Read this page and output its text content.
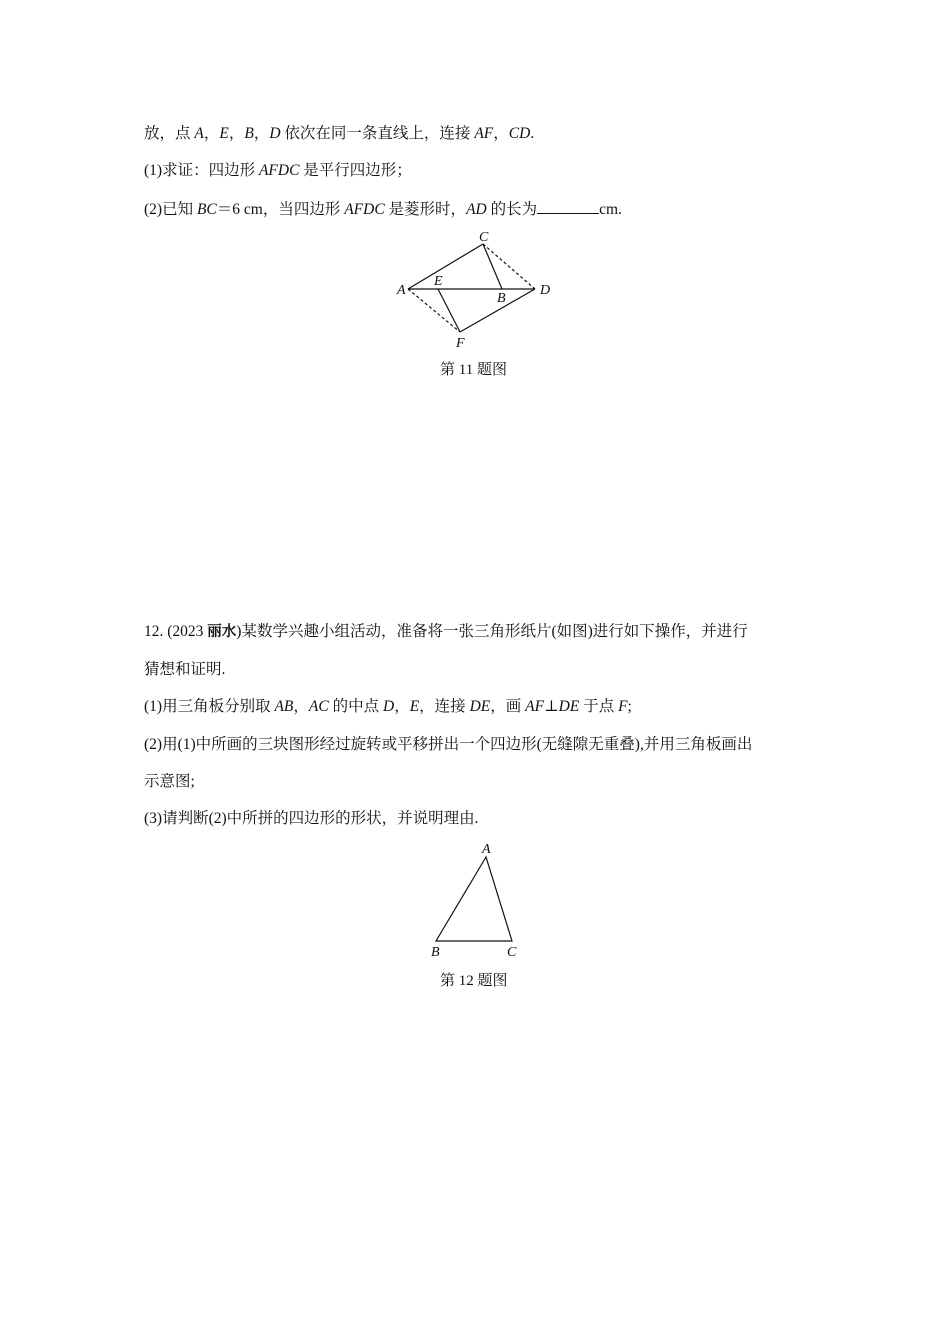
放，点 A，E，B，D 依次在同一条直线上，连接 AF，CD.
(1)求证：四边形 AFDC 是平行四边形；
(2)已知 BC＝6 cm，当四边形 AFDC 是菱形时，AD 的长为	cm.
A
E
B
D
C
F
A
B	C
第 11 题图
12. (2023 丽水)某数学兴趣小组活动，准备将一张三角形纸片(如图)进行如下操作，并进行
猜想和证明.
(1)用三角板分别取 AB，AC 的中点 D，E，连接 DE，画 AF⊥DE 于点 F;
(2)用(1)中所画的三块图形经过旋转或平移拼出一个四边形(无缝隙无重叠),并用三角板画出
示意图;
(3)请判断(2)中所拼的四边形的形状，并说明理由.
第 12 题图
